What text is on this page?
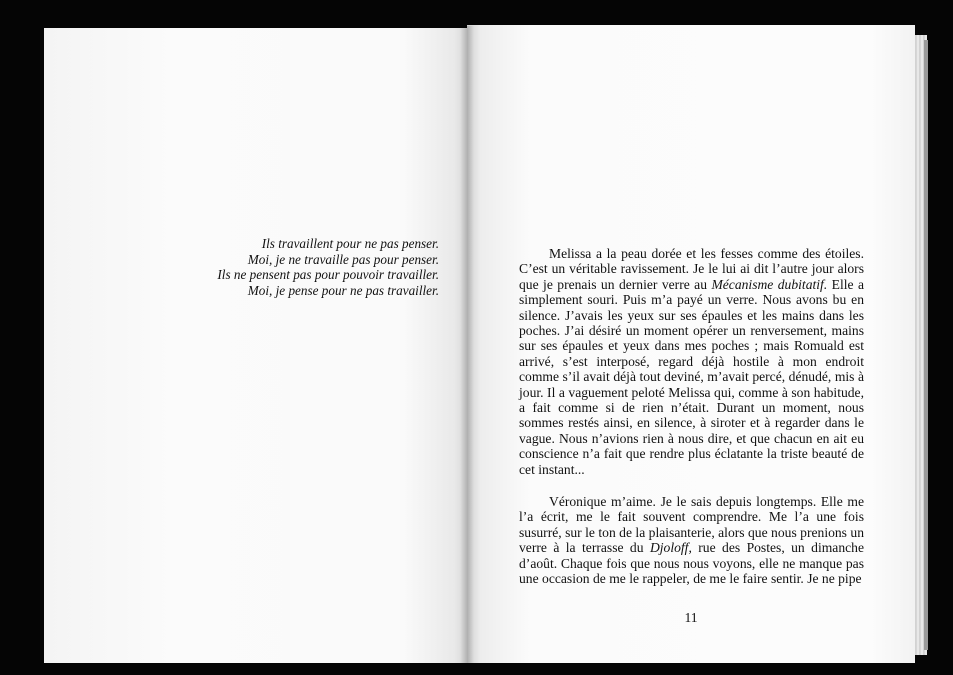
Ils travaillent pour ne pas penser.
Moi, je ne travaille pas pour penser.
Ils ne pensent pas pour pouvoir travailler.
Moi, je pense pour ne pas travailler.

Melissa a la peau dorée et les fesses comme des étoiles. C’est un véritable ravissement. Je le lui ai dit l’autre jour alors que je prenais un dernier verre au Mécanisme dubitatif. Elle a simplement souri. Puis m’a payé un verre. Nous avons bu en silence. J’avais les yeux sur ses épaules et les mains dans les poches. J’ai désiré un moment opérer un renversement, mains sur ses épaules et yeux dans mes poches ; mais Romuald est arrivé, s’est interposé, regard déjà hostile à mon endroit comme s’il avait déjà tout deviné, m’avait percé, dénudé, mis à jour. Il a vaguement peloté Melissa qui, comme à son habitude, a fait comme si de rien n’était. Durant un moment, nous sommes restés ainsi, en silence, à siroter et à regarder dans le vague. Nous n’avions rien à nous dire, et que chacun en ait eu conscience n’a fait que rendre plus éclatante la triste beauté de cet instant...

Véronique m’aime. Je le sais depuis longtemps. Elle me l’a écrit, me le fait souvent comprendre. Me l’a une fois susurré, sur le ton de la plaisanterie, alors que nous prenions un verre à la terrasse du Djoloff, rue des Postes, un dimanche d’août. Chaque fois que nous nous voyons, elle ne manque pas une occasion de me le rappeler, de me le faire sentir. Je ne pipe

11
